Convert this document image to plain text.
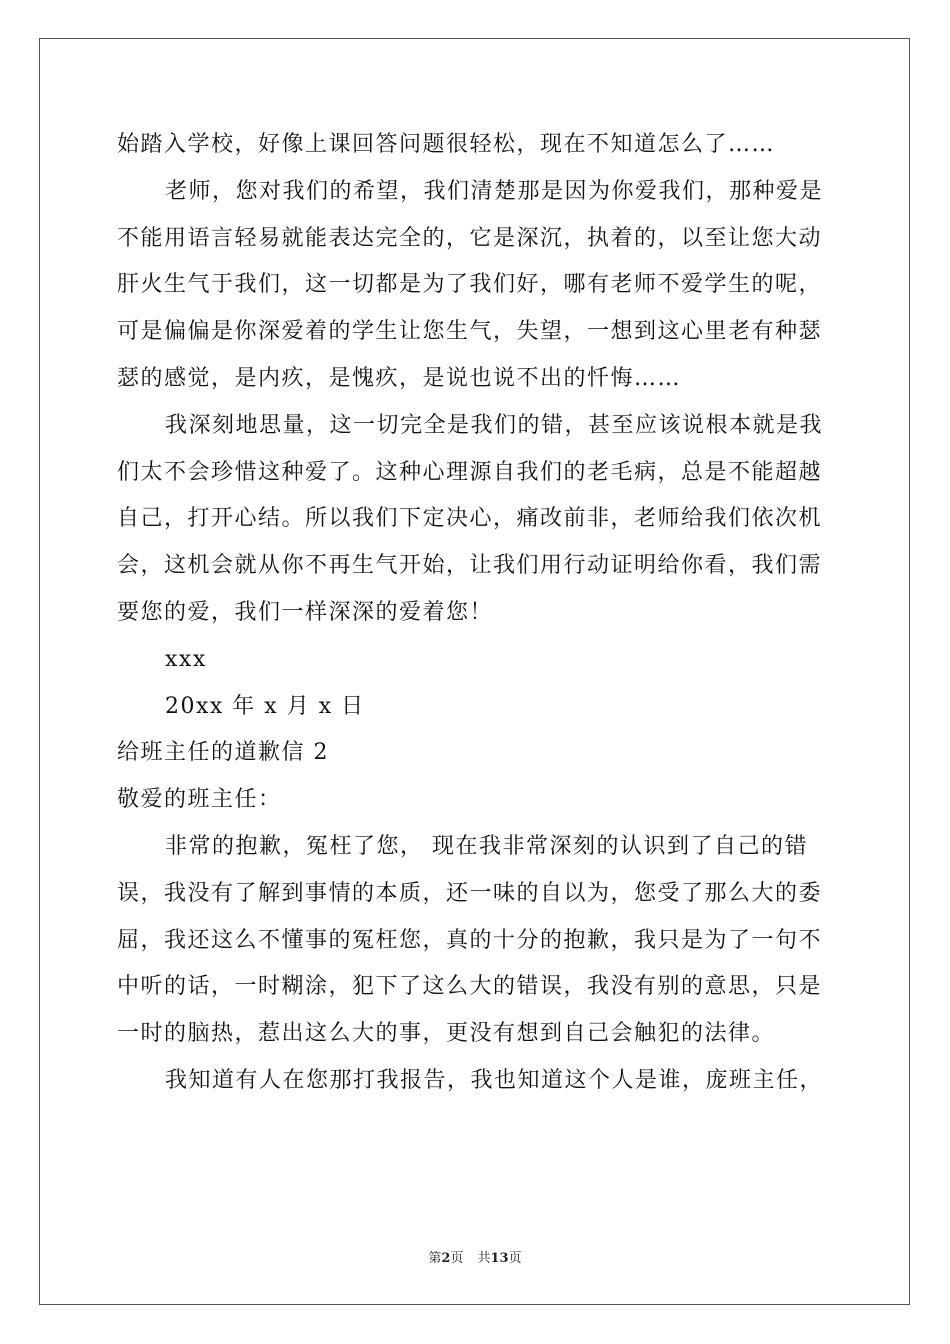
始踏入学校，好像上课回答问题很轻松，现在不知道怎么了……
老师，您对我们的希望，我们清楚那是因为你爱我们，那种爱是
不能用语言轻易就能表达完全的，它是深沉，执着的，以至让您大动
肝火生气于我们，这一切都是为了我们好，哪有老师不爱学生的呢，
可是偏偏是你深爱着的学生让您生气，失望，一想到这心里老有种瑟
瑟的感觉，是内疚，是愧疚，是说也说不出的忏悔……
我深刻地思量，这一切完全是我们的错，甚至应该说根本就是我
们太不会珍惜这种爱了。这种心理源自我们的老毛病，总是不能超越
自己，打开心结。所以我们下定决心，痛改前非，老师给我们依次机
会，这机会就从你不再生气开始，让我们用行动证明给你看，我们需
要您的爱，我们一样深深的爱着您！
xxx
20xx 年 x 月 x 日
给班主任的道歉信 2
敬爱的班主任：
非常的抱歉，冤枉了您， 现在我非常深刻的认识到了自己的错
误，我没有了解到事情的本质，还一味的自以为，您受了那么大的委
屈，我还这么不懂事的冤枉您，真的十分的抱歉，我只是为了一句不
中听的话，一时糊涂，犯下了这么大的错误，我没有别的意思，只是
一时的脑热，惹出这么大的事，更没有想到自己会触犯的法律。
我知道有人在您那打我报告，我也知道这个人是谁，庞班主任，
第2页 共13页
